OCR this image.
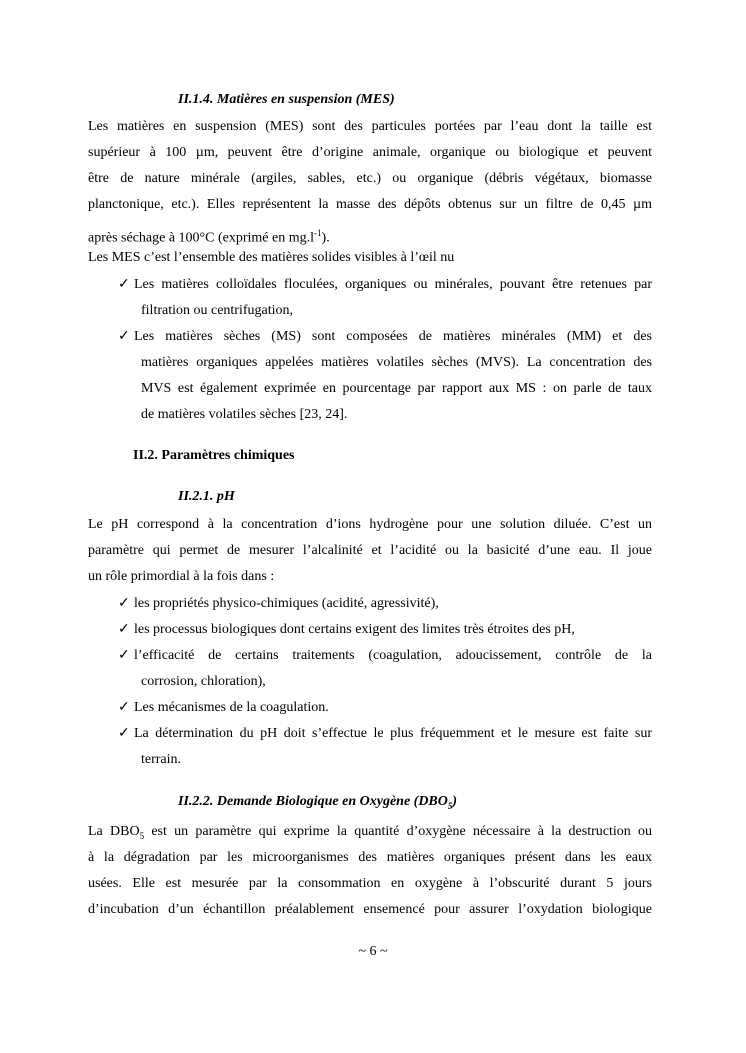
II.1.4. Matières en suspension (MES)
Les matières en suspension (MES) sont des particules portées par l’eau dont la taille est
supérieur à 100 µm, peuvent être d’origine animale, organique ou biologique et peuvent
être de nature minérale (argiles, sables, etc.) ou organique (débris végétaux, biomasse
planctonique, etc.). Elles représentent la masse des dépôts obtenus sur un filtre de 0,45 µm
après séchage à 100°C (exprimé en $mg.l^{-1}$).
Les MES c’est l’ensemble des matières solides visibles à l’œil nu
✓ Les matières colloïdales floculées, organiques ou minérales, pouvant être retenues par
filtration ou centrifugation,
✓ Les matières sèches (MS) sont composées de matières minérales (MM) et des
matières organiques appelées matières volatiles sèches (MVS). La concentration des
MVS est également exprimée en pourcentage par rapport aux MS : on parle de taux
de matières volatiles sèches [23, 24].
II.2. Paramètres chimiques
II.2.1. pH
Le pH correspond à la concentration d’ions hydrogène pour une solution diluée. C’est un
paramètre qui permet de mesurer l’alcalinité et l’acidité ou la basicité d’une eau. Il joue
un rôle primordial à la fois dans :
✓ les propriétés physico-chimiques (acidité, agressivité),
✓ les processus biologiques dont certains exigent des limites très étroites des pH,
✓ l’efficacité de certains traitements (coagulation, adoucissement, contrôle de la
corrosion, chloration),
✓ Les mécanismes de la coagulation.
✓ La détermination du pH doit s’effectue le plus fréquemment et le mesure est faite sur
terrain.
II.2.2. Demande Biologique en Oxygène $(DBO_5)$
La $DBO_5$ est un paramètre qui exprime la quantité d’oxygène nécessaire à la destruction ou
à la dégradation par les microorganismes des matières organiques présent dans les eaux
usées. Elle est mesurée par la consommation en oxygène à l’obscurité durant 5 jours
d’incubation d’un échantillon préalablement ensemencé pour assurer l’oxydation biologique
~ 6 ~
